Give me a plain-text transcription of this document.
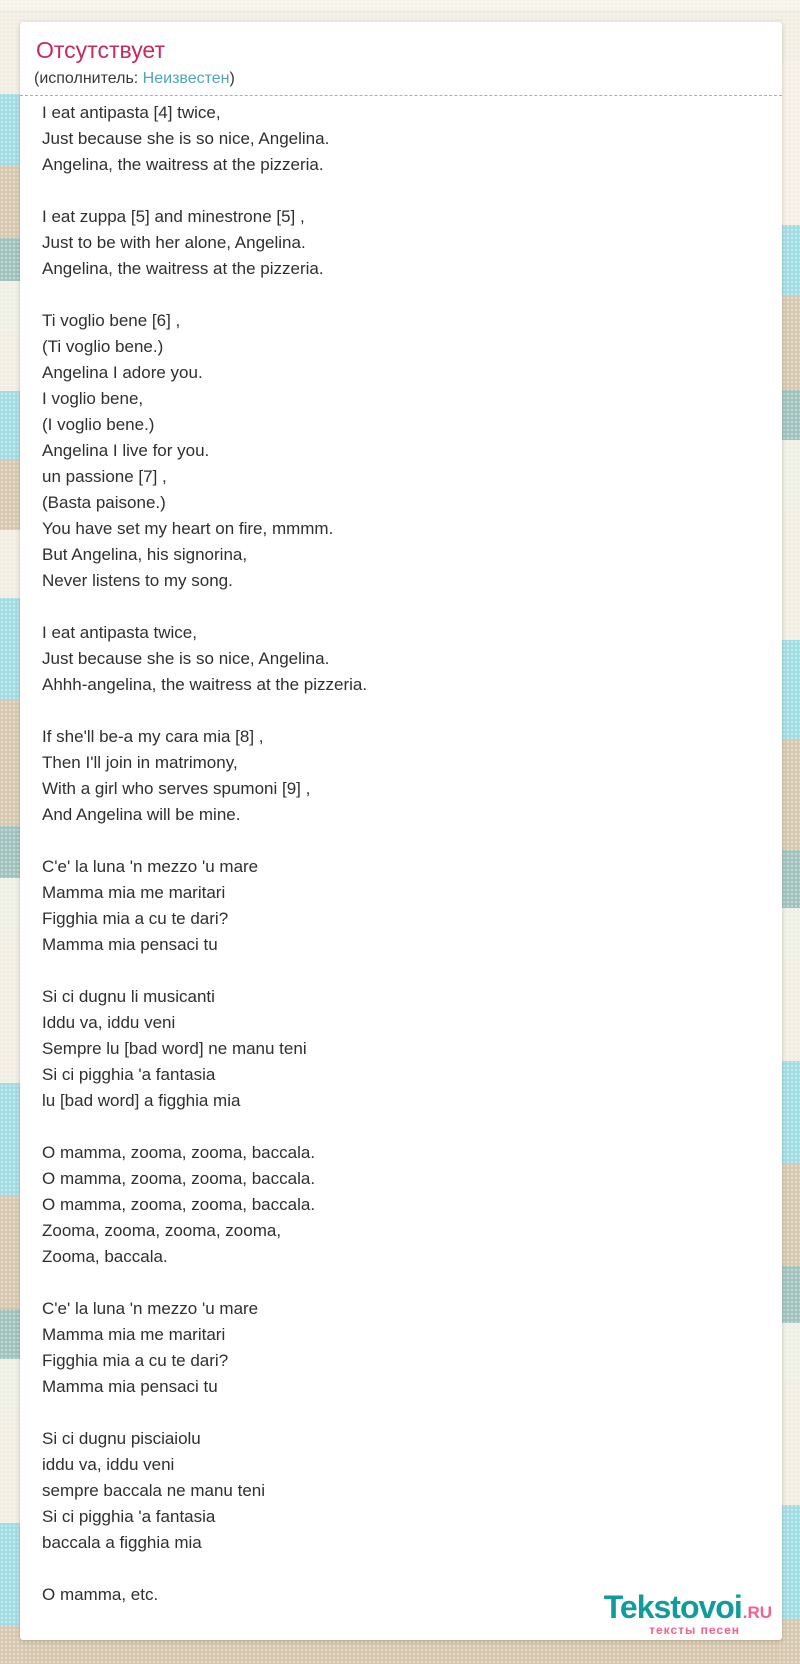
Отсутствует
(исполнитель: Неизвестен)
I eat antipasta [4] twice,
Just because she is so nice, Angelina.
Angelina, the waitress at the pizzeria.

I eat zuppa [5] and minestrone [5] ,
Just to be with her alone, Angelina.
Angelina, the waitress at the pizzeria.

Ti voglio bene [6] ,
(Ti voglio bene.)
Angelina I adore you.
I voglio bene,
(I voglio bene.)
Angelina I live for you.
un passione [7] ,
(Basta paisone.)
You have set my heart on fire, mmmm.
But Angelina, his signorina,
Never listens to my song.

I eat antipasta twice,
Just because she is so nice, Angelina.
Ahhh-angelina, the waitress at the pizzeria.

If she'll be-a my cara mia [8] ,
Then I'll join in matrimony,
With a girl who serves spumoni [9] ,
And Angelina will be mine.

C'e' la luna 'n mezzo 'u mare
Mamma mia me maritari
Figghia mia a cu te dari?
Mamma mia pensaci tu

Si ci dugnu li musicanti
Iddu va, iddu veni
Sempre lu [bad word] ne manu teni
Si ci pigghia 'a fantasia
lu [bad word] a figghia mia

O mamma, zooma, zooma, baccala.
O mamma, zooma, zooma, baccala.
O mamma, zooma, zooma, baccala.
Zooma, zooma, zooma, zooma,
Zooma, baccala.

C'e' la luna 'n mezzo 'u mare
Mamma mia me maritari
Figghia mia a cu te dari?
Mamma mia pensaci tu

Si ci dugnu pisciaiolu
iddu va, iddu veni
sempre baccala ne manu teni
Si ci pigghia 'a fantasia
baccala a figghia mia

O mamma, etc.	Tekstovoi.RU
тексты песен
